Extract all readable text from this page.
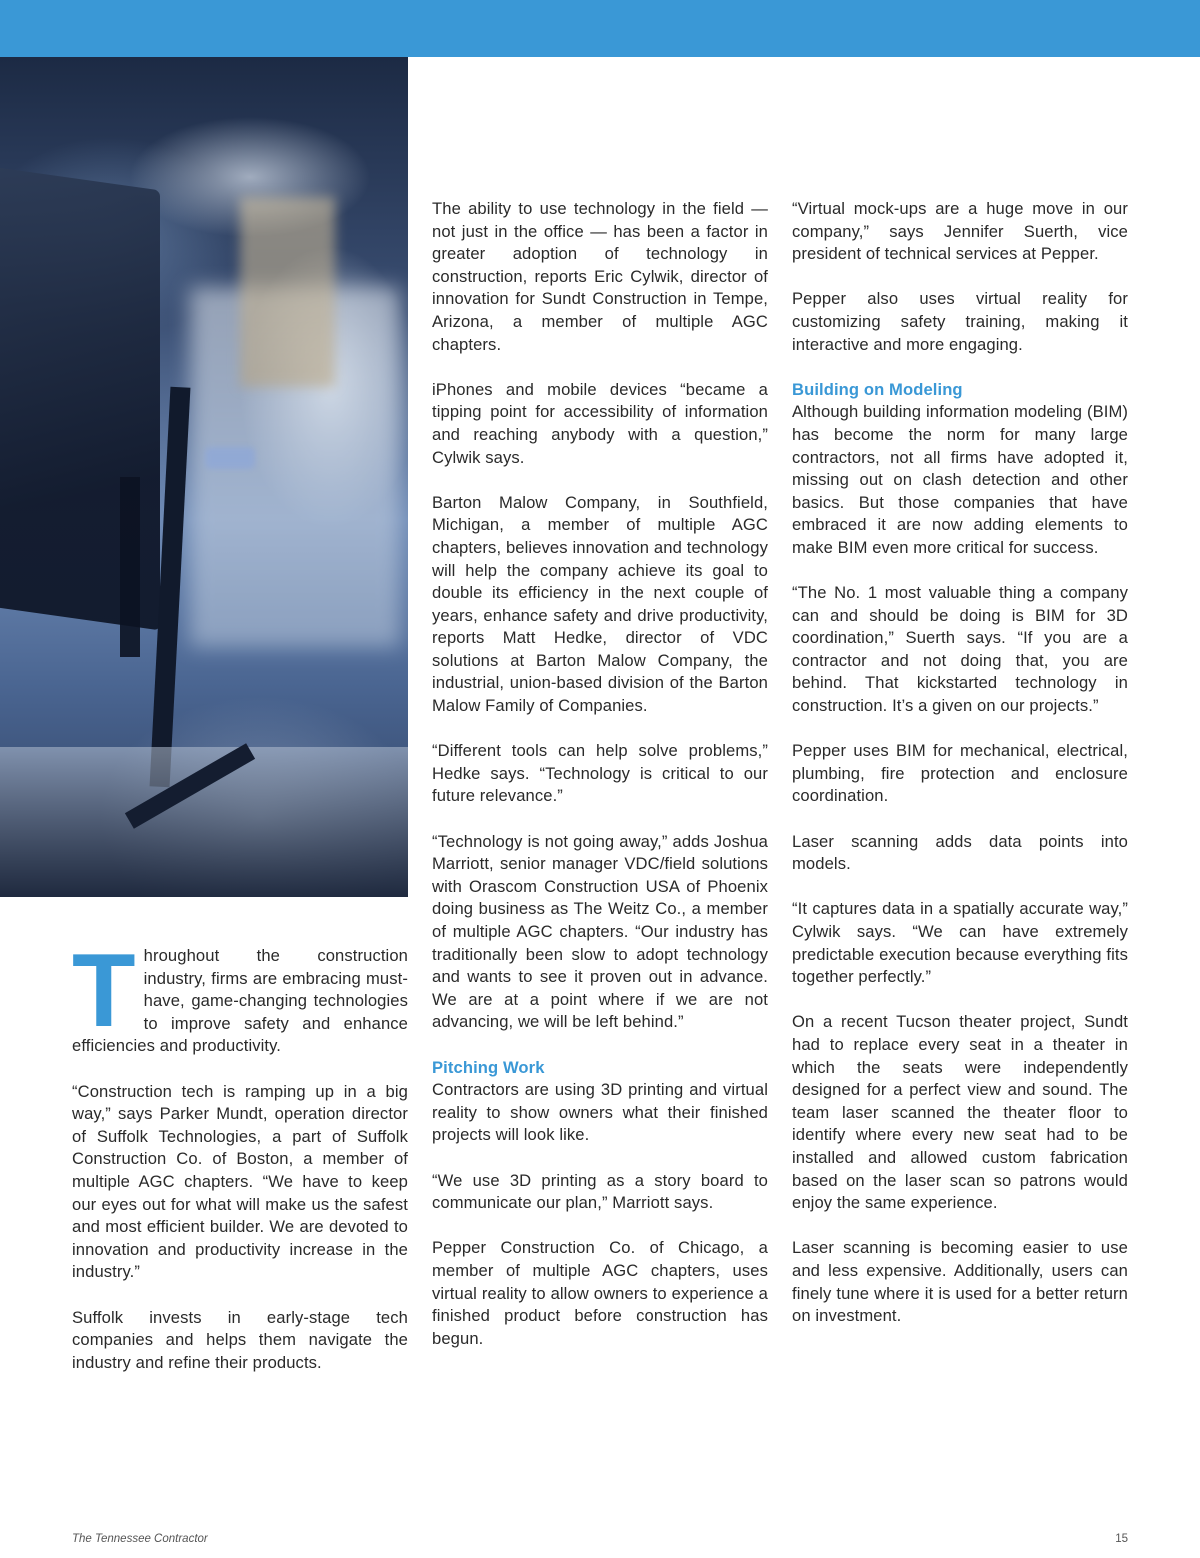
Throughout the construction industry, firms are embracing must-have, game-changing technologies to improve safety and enhance efficiencies and productivity.

“Construction tech is ramping up in a big way,” says Parker Mundt, operation director of Suffolk Technologies, a part of Suffolk Construction Co. of Boston, a member of multiple AGC chapters. “We have to keep our eyes out for what will make us the safest and most efficient builder. We are devoted to innovation and productivity increase in the industry.”

Suffolk invests in early-stage tech companies and helps them navigate the industry and refine their products.

The ability to use technology in the field — not just in the office — has been a factor in greater adoption of technology in construction, reports Eric Cylwik, director of innovation for Sundt Construction in Tempe, Arizona, a member of multiple AGC chapters.

iPhones and mobile devices “became a tipping point for accessibility of information and reaching anybody with a question,” Cylwik says.

Barton Malow Company, in Southfield, Michigan, a member of multiple AGC chapters, believes innovation and technology will help the company achieve its goal to double its efficiency in the next couple of years, enhance safety and drive productivity, reports Matt Hedke, director of VDC solutions at Barton Malow Company, the industrial, union-based division of the Barton Malow Family of Companies.

“Different tools can help solve problems,” Hedke says. “Technology is critical to our future relevance.”

“Technology is not going away,” adds Joshua Marriott, senior manager VDC/field solutions with Orascom Construction USA of Phoenix doing business as The Weitz Co., a member of multiple AGC chapters. “Our industry has traditionally been slow to adopt technology and wants to see it proven out in advance. We are at a point where if we are not advancing, we will be left behind.”

Pitching Work

Contractors are using 3D printing and virtual reality to show owners what their finished projects will look like.

“We use 3D printing as a story board to communicate our plan,” Marriott says.

Pepper Construction Co. of Chicago, a member of multiple AGC chapters, uses virtual reality to allow owners to experience a finished product before construction has begun.

“Virtual mock-ups are a huge move in our company,” says Jennifer Suerth, vice president of technical services at Pepper.

Pepper also uses virtual reality for customizing safety training, making it interactive and more engaging.

Building on Modeling

Although building information modeling (BIM) has become the norm for many large contractors, not all firms have adopted it, missing out on clash detection and other basics. But those companies that have embraced it are now adding elements to make BIM even more critical for success.

“The No. 1 most valuable thing a company can and should be doing is BIM for 3D coordination,” Suerth says. “If you are a contractor and not doing that, you are behind. That kickstarted technology in construction. It’s a given on our projects.”

Pepper uses BIM for mechanical, electrical, plumbing, fire protection and enclosure coordination.

Laser scanning adds data points into models.

“It captures data in a spatially accurate way,” Cylwik says. “We can have extremely predictable execution because everything fits together perfectly.”

On a recent Tucson theater project, Sundt had to replace every seat in a theater in which the seats were independently designed for a perfect view and sound. The team laser scanned the theater floor to identify where every new seat had to be installed and allowed custom fabrication based on the laser scan so patrons would enjoy the same experience.

Laser scanning is becoming easier to use and less expensive. Additionally, users can finely tune where it is used for a better return on investment.

The Tennessee Contractor	15
